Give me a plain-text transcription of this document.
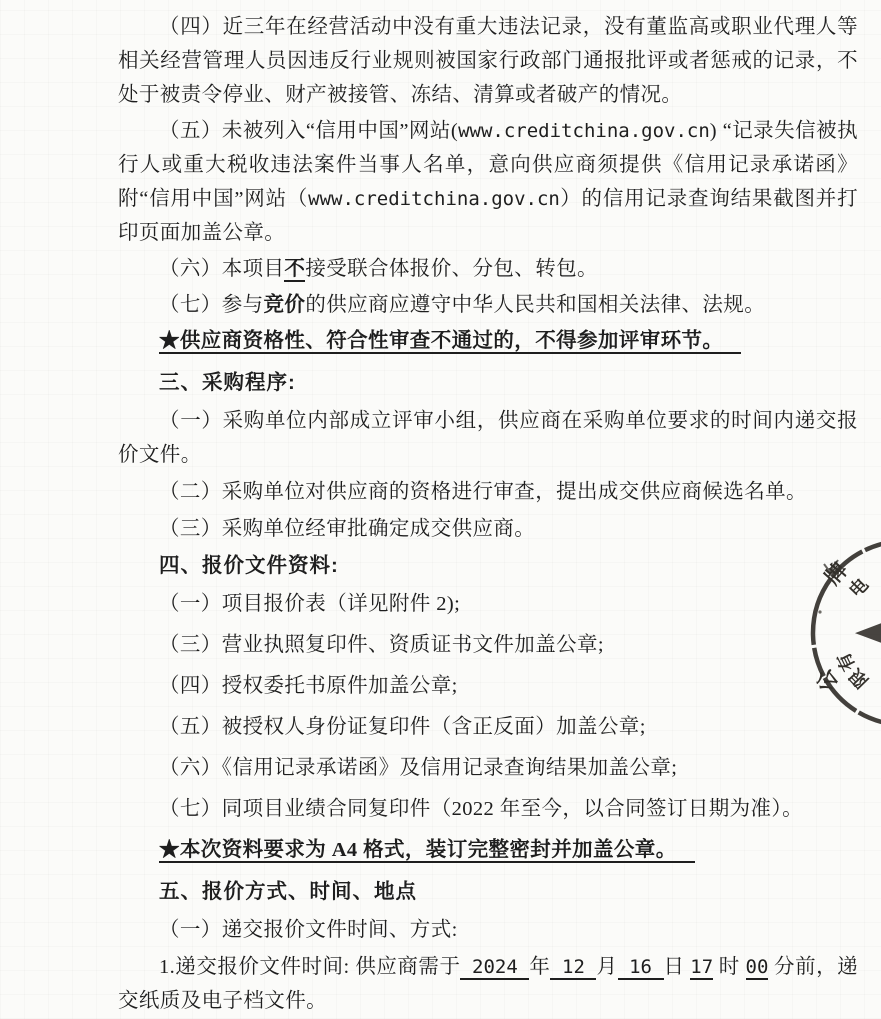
（四）近三年在经营活动中没有重大违法记录，没有董监高或职业代理人等相关经营管理人员因违反行业规则被国家行政部门通报批评或者惩戒的记录，不处于被责令停业、财产被接管、冻结、清算或者破产的情况。
（五）未被列入“信用中国”网站(www.creditchina.gov.cn) “记录失信被执行人或重大税收违法案件当事人名单，意向供应商须提供《信用记录承诺函》附“信用中国”网站（www.creditchina.gov.cn）的信用记录查询结果截图并打印页面加盖公章。
（六）本项目不接受联合体报价、分包、转包。
（七）参与竞价的供应商应遵守中华人民共和国相关法律、法规。
★供应商资格性、符合性审查不通过的，不得参加评审环节。
三、采购程序:
（一）采购单位内部成立评审小组，供应商在采购单位要求的时间内递交报价文件。
（二）采购单位对供应商的资格进行审查，提出成交供应商候选名单。
（三）采购单位经审批确定成交供应商。
四、报价文件资料:
（一）项目报价表（详见附件 2);
（三）营业执照复印件、资质证书文件加盖公章;
（四）授权委托书原件加盖公章;
（五）被授权人身份证复印件（含正反面）加盖公章;
（六）《信用记录承诺函》及信用记录查询结果加盖公章;
（七）同项目业绩合同复印件（2022 年至今，以合同签订日期为准）。
★本次资料要求为 A4 格式，装订完整密封并加盖公章。
五、报价方式、时间、地点
（一）递交报价文件时间、方式:
1.递交报价文件时间: 供应商需于 2024 年 12 月 16 日 17 时 00 分前，递交纸质及电子档文件。
牌
电
有
限
公
